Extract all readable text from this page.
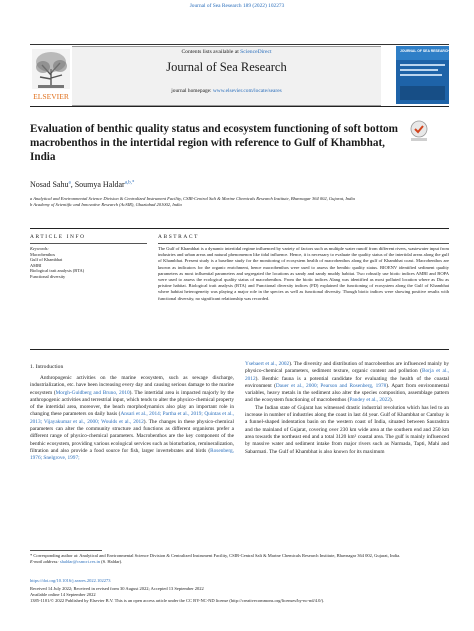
Journal of Sea Research 189 (2022) 102273
ELSEVIER
Contents lists available at ScienceDirect
Journal of Sea Research
journal homepage: www.elsevier.com/locate/seares
JOURNAL OF SEA RESEARCH
Evaluation of benthic quality status and ecosystem functioning of soft bottom macrobenthos in the intertidal region with reference to Gulf of Khambhat, India
Nosad Sahu$^a$, Soumya Haldar$^{a,b,*}$
a Analytical and Environmental Science Division & Centralized Instrument Facility, CSIR-Central Salt & Marine Chemicals Research Institute, Bhavnagar 364 002, Gujarat, India
b Academy of Scientific and Innovative Research (AcSIR), Ghaziabad 201002, India
ARTICLE INFO	ABSTRACT
Keywords:
Macrobenthos
Gulf of Khambhat
AMBI
Biological trait analysis (BTA)
Functional diversity
The Gulf of Khambhat is a dynamic intertidal regime influenced by variety of factors such as multiple water runoff from different rivers, wastewater input from industries and urban areas and natural phenomenon like tidal influence. Hence, it is necessary to evaluate the quality status of the intertidal areas along the gulf of Khambhat. Present study is a baseline study for the monitoring of ecosystem health of macrobenthos along the gulf of Khambhat coast. Macrobenthos are known as indicators for the organic enrichment, hence macrobenthos were used to assess the benthic quality status. BIOENV identified sediment quality parameters as most influential parameters and segregated the locations as sandy and sandy muddy habitat. Two robustly use biotic indices AMBI and BOPA were used to assess the ecological quality status of macrobenthos. From the biotic indices Alang was identified as most polluted location where as Diu as pristine habitat. Biological trait analysis (BTA) and Functional diversity indices (FD) explained the functioning of ecosystem along the Gulf of Khambhat where habitat heterogeneity was playing a major role in the species as well as functional diversity. Though biotic indices were showing positive results with functional diversity, no significant relationship was recorded.
1. Introduction
Anthropogenic activities on the marine ecosystem, such as sewage discharge, industrialization, etc. have been increasing every day and causing serious damage to the marine ecosystem (Morgh-Guldberg and Bruno, 2010). The intertidal area is impacted majorly by the anthropogenic activities and terrestrial input, which tends to alter the physico-chemical property of the intertidal area, moreover, the beach morphodynamics also play an important role in changing these parameters on daily basis (Ansari et al., 2014; Partha et al., 2019; Quintas et al., 2013; Vijayakumar et al., 2000; Woulds et al., 2012). The changes in these physico-chemical parameters can alter the community structure and functions as different organisms prefer a different range of physico-chemical parameters. Macrobenthos are the key component of the benthic ecosystem, providing various ecological services such as bioturbation, remineralization, filtration and also provide a food source for fish, larger invertebrates and birds (Rosenberg, 1976; Snelgrove, 1997;
Ysebaert et al., 2002). The diversity and distribution of macrobenthos are influenced mainly by physico-chemical parameters, sediment texture, organic content and pollution (Borja et al., 2012). Benthic fauna is a potential candidate for evaluating the health of the coastal environment (Dauer et al., 2000; Pearson and Rosenberg, 1978). Apart from environmental variables, heavy metals in the sediment also alter the species composition, assemblage pattern and the ecosystem functioning of macrobenthos (Pandey et al., 2022).
The Indian state of Gujarat has witnessed drastic industrial revolution which has led to an increase in number of industries along the coast in last 44 year. Gulf of Khambhat or Cambay is a funnel-shaped indentation basin on the western coast of India, situated between Saurashtra and the mainland of Gujarat, covering over 230 km wide area at the southern end and 250 km area towards the northeast end and a total 3120 km² coastal area. The gulf is mainly influenced by massive water and sediment intake from major rivers such as Narmada, Tapti, Mahi and Sabarmati. The Gulf of Khambhat is also known for its maximum
* Corresponding author at: Analytical and Environmental Science Division & Centralized Instrument Facility, CSIR-Central Salt & Marine Chemicals Research Institute, Bhavnagar 364 002, Gujarat, India.
E-mail address: shaldar@csmcri.res.in (S. Haldar).
https://doi.org/10.1016/j.seares.2022.102273
Received 14 July 2022; Received in revised form 30 August 2022; Accepted 13 September 2022
Available online 14 September 2022
1385-1101/© 2022 Published by Elsevier B.V. This is an open access article under the CC BY-NC-ND license (http://creativecommons.org/licenses/by-nc-nd/4.0/).
